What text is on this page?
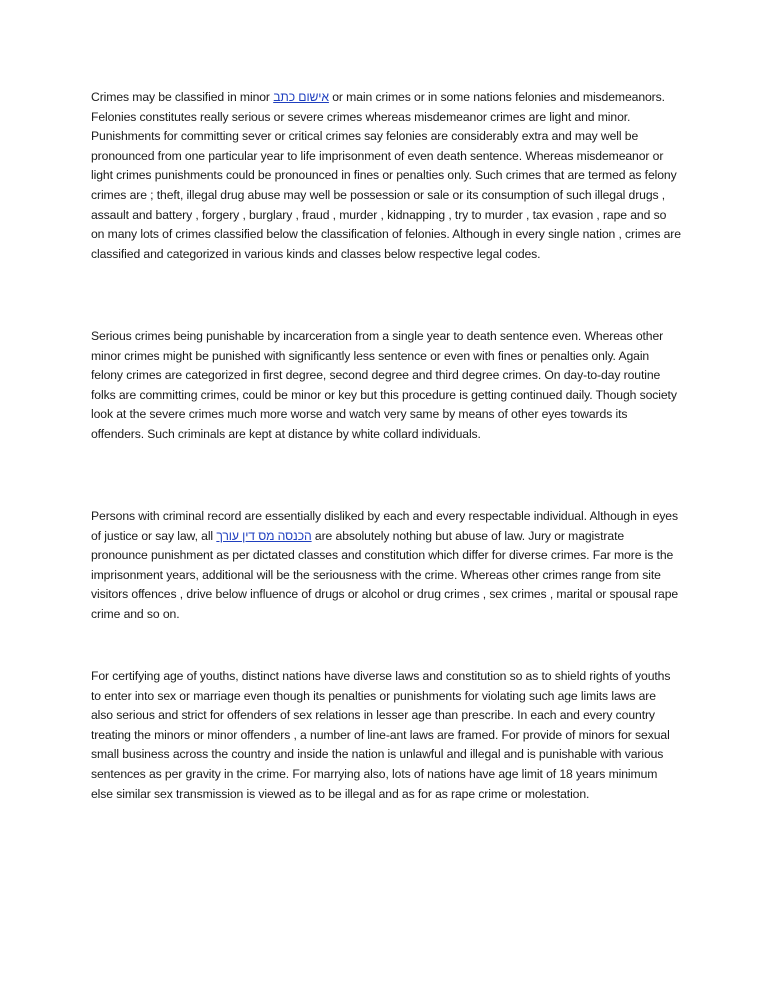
Crimes may be classified in minor אישום כתב or main crimes or in some nations felonies and misdemeanors. Felonies constitutes really serious or severe crimes whereas misdemeanor crimes are light and minor. Punishments for committing sever or critical crimes say felonies are considerably extra and may well be pronounced from one particular year to life imprisonment of even death sentence. Whereas misdemeanor or light crimes punishments could be pronounced in fines or penalties only. Such crimes that are termed as felony crimes are ; theft, illegal drug abuse may well be possession or sale or its consumption of such illegal drugs , assault and battery , forgery , burglary , fraud , murder , kidnapping , try to murder , tax evasion , rape and so on many lots of crimes classified below the classification of felonies. Although in every single nation , crimes are classified and categorized in various kinds and classes below respective legal codes.

Serious crimes being punishable by incarceration from a single year to death sentence even. Whereas other minor crimes might be punished with significantly less sentence or even with fines or penalties only. Again felony crimes are categorized in first degree, second degree and third degree crimes. On day-to-day routine folks are committing crimes, could be minor or key but this procedure is getting continued daily. Though society look at the severe crimes much more worse and watch very same by means of other eyes towards its offenders. Such criminals are kept at distance by white collard individuals.

Persons with criminal record are essentially disliked by each and every respectable individual. Although in eyes of justice or say law, all הכנסה מס דין עורך are absolutely nothing but abuse of law. Jury or magistrate pronounce punishment as per dictated classes and constitution which differ for diverse crimes. Far more is the imprisonment years, additional will be the seriousness with the crime. Whereas other crimes range from site visitors offences , drive below influence of drugs or alcohol or drug crimes , sex crimes , marital or spousal rape crime and so on.

For certifying age of youths, distinct nations have diverse laws and constitution so as to shield rights of youths to enter into sex or marriage even though its penalties or punishments for violating such age limits laws are also serious and strict for offenders of sex relations in lesser age than prescribe. In each and every country treating the minors or minor offenders , a number of line-ant laws are framed. For provide of minors for sexual small business across the country and inside the nation is unlawful and illegal and is punishable with various sentences as per gravity in the crime. For marrying also, lots of nations have age limit of 18 years minimum else similar sex transmission is viewed as to be illegal and as for as rape crime or molestation.
